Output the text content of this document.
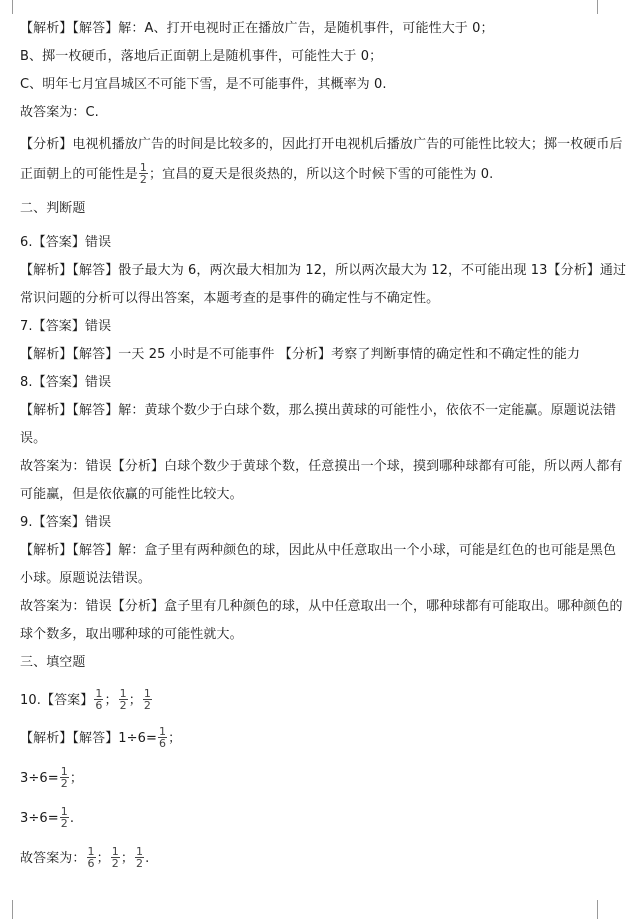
【解析】【解答】解：A、打开电视时正在播放广告，是随机事件，可能性大于 0；
B、掷一枚硬币，落地后正面朝上是随机事件，可能性大于 0；
C、明年七月宜昌城区不可能下雪，是不可能事件，其概率为 0.
故答案为：C.
【分析】电视机播放广告的时间是比较多的，因此打开电视机后播放广告的可能性比较大；掷一枚硬币后
正面朝上的可能性是 $\frac{1}{2}$ ；宜昌的夏天是很炎热的，所以这个时候下雪的可能性为 0.
二、判断题
6.【答案】错误
【解析】【解答】骰子最大为 6，两次最大相加为 12，所以两次最大为 12，不可能出现 13【分析】通过
常识问题的分析可以得出答案，本题考查的是事件的确定性与不确定性。
7.【答案】错误
【解析】【解答】一天 25 小时是不可能事件 【分析】考察了判断事情的确定性和不确定性的能力
8.【答案】错误
【解析】【解答】解：黄球个数少于白球个数，那么摸出黄球的可能性小，依依不一定能赢。原题说法错
误。
故答案为：错误【分析】白球个数少于黄球个数，任意摸出一个球，摸到哪种球都有可能，所以两人都有
可能赢，但是依依赢的可能性比较大。
9.【答案】错误
【解析】【解答】解：盒子里有两种颜色的球，因此从中任意取出一个小球，可能是红色的也可能是黑色
小球。原题说法错误。
故答案为：错误【分析】盒子里有几种颜色的球，从中任意取出一个，哪种球都有可能取出。哪种颜色的
球个数多，取出哪种球的可能性就大。
三、填空题
10.【答案】 $\frac{1}{6}$ ； $\frac{1}{2}$ ； $\frac{1}{2}$
【解析】【解答】$1\div 6= \frac{1}{6}$ ；
$3\div 6= \frac{1}{2}$ ；
$3\div 6= \frac{1}{2}$ .
故答案为： $\frac{1}{6}$ ； $\frac{1}{2}$ ； $\frac{1}{2}$ .
